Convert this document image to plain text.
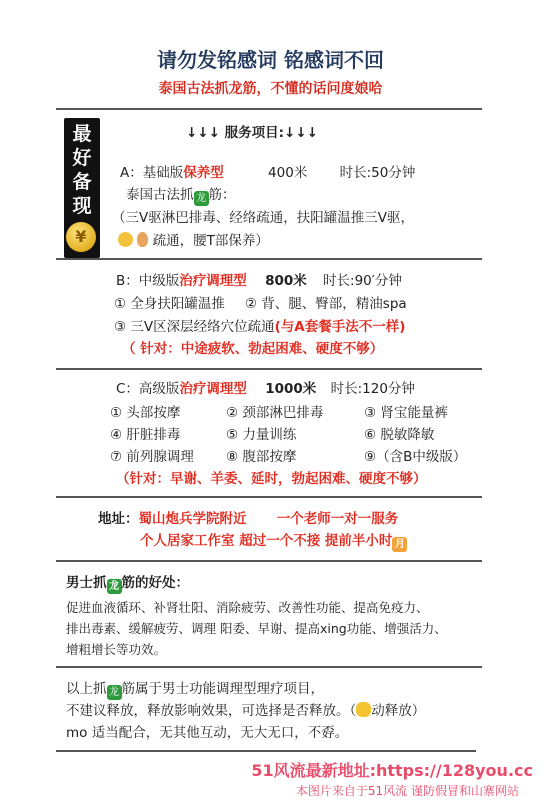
请勿发铭感词 铭感词不回
泰国古法抓龙筋，不懂的话问度娘哈
最好备现
¥
↓↓↓ 服务项目:↓↓↓
A：基础版保养型	400米 时长:50分钟
泰国古法抓 龙 筋：
（三V驱淋巴排毒、经络疏通，扶阳罐温推三V驱，
疏通，腰T部保养）
B：中级版治疗调理型 800米 时长:90′分钟
① 全身扶阳罐温推 ② 背、腿、臀部，精油spa
③ 三V区深层经络穴位疏通(与A套餐手法不一样)
（ 针对：中途疲软、勃起困难、硬度不够）
C：高级版治疗调理型 1000米 时长:120分钟
① 头部按摩	② 颈部淋巴排毒	③ 肾宝能量裤
④ 肝脏排毒	⑤ 力量训练	⑥ 脱敏降敏
⑦ 前列腺调理 ⑧ 腹部按摩	⑨（含B中级版）
（针对：早谢、羊委、延时，勃起困难、硬度不够）
地址：蜀山炮兵学院附近 一个老师一对一服务
个人居家工作室 超过一个不接 提前半小时 月
男士抓 龙 筋的好处：
促进血液循环、补肾壮阳、消除疲劳、改善性功能、提高免疫力、
排出毒素、缓解疲劳、调理 阳委、早谢、提高xing功能、增强活力、
增粗增长等功效。
以上抓 龙 筋属于男士功能调理型理疗项目，
不建议释放，释放影响效果，可选择是否释放。（ 动释放）
mo 适当配合，无其他互动，无大无口，不孬。
51风流最新地址:https://128you.cc
本图片来自于51风流 谨防假冒和山寨网站
